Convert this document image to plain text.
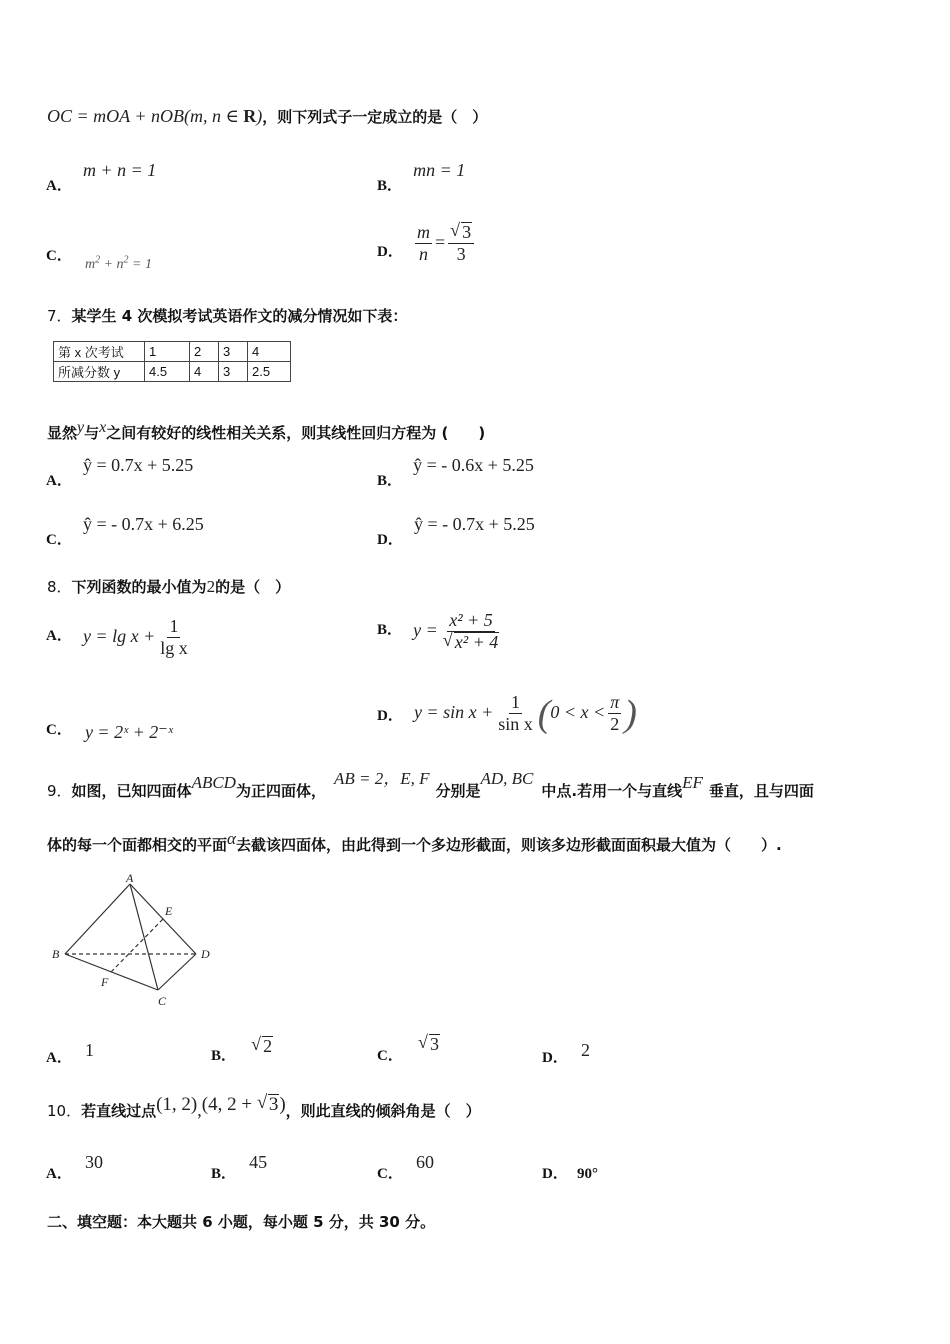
OC = mOA + nOB(m, n ∈ R)，则下列式子一定成立的是（　）
A． m + n = 1
B． mn = 1
C． $m^2 + n^2 = 1$
D． $\frac{m}{n}$ = √ $\frac{3}{3}$
7．某学生 4 次模拟考试英语作文的减分情况如下表：
第 x 次考试	1	2	3	4
所减分数 y	4.5	4	3	2.5
显然y与x之间有较好的线性相关关系，则其线性回归方程为 (　　)
A． ŷ = 0.7x + 5.25
B． ŷ = - 0.6x + 5.25
C． ŷ = - 0.7x + 6.25
D． ŷ = - 0.7x + 5.25
8．下列函数的最小值为2的是（　）
A． $y = \lg x + \frac{1}{\text{lg x}}$	B． y = x² + 5
√ x² + 4
C． y = 2ˣ + 2⁻ˣ
D． $y = \sin x + \frac{1}{\text{sin x}} (0 < x < \frac{\pi}{2}$ )
9．如图，已知四面体ABCD为正四面体，AB = 2，E, F分别是AD, BC中点.若用一个与直线EF 垂直，且与四面
体的每一个面都相交的平面α去截该四面体，由此得到一个多边形截面，则该多边形截面面积最大值为（　　）.
A
B
C
D
E
F
A． 1	B． √ 2	C． √ 3
D． 2
10．若直线过点(1, 2),(4, 2 + √ 3)，则此直线的倾斜角是（　）
A． 30
B． 45
C． 60
D． 90°
二、填空题：本大题共 6 小题，每小题 5 分，共 30 分。
